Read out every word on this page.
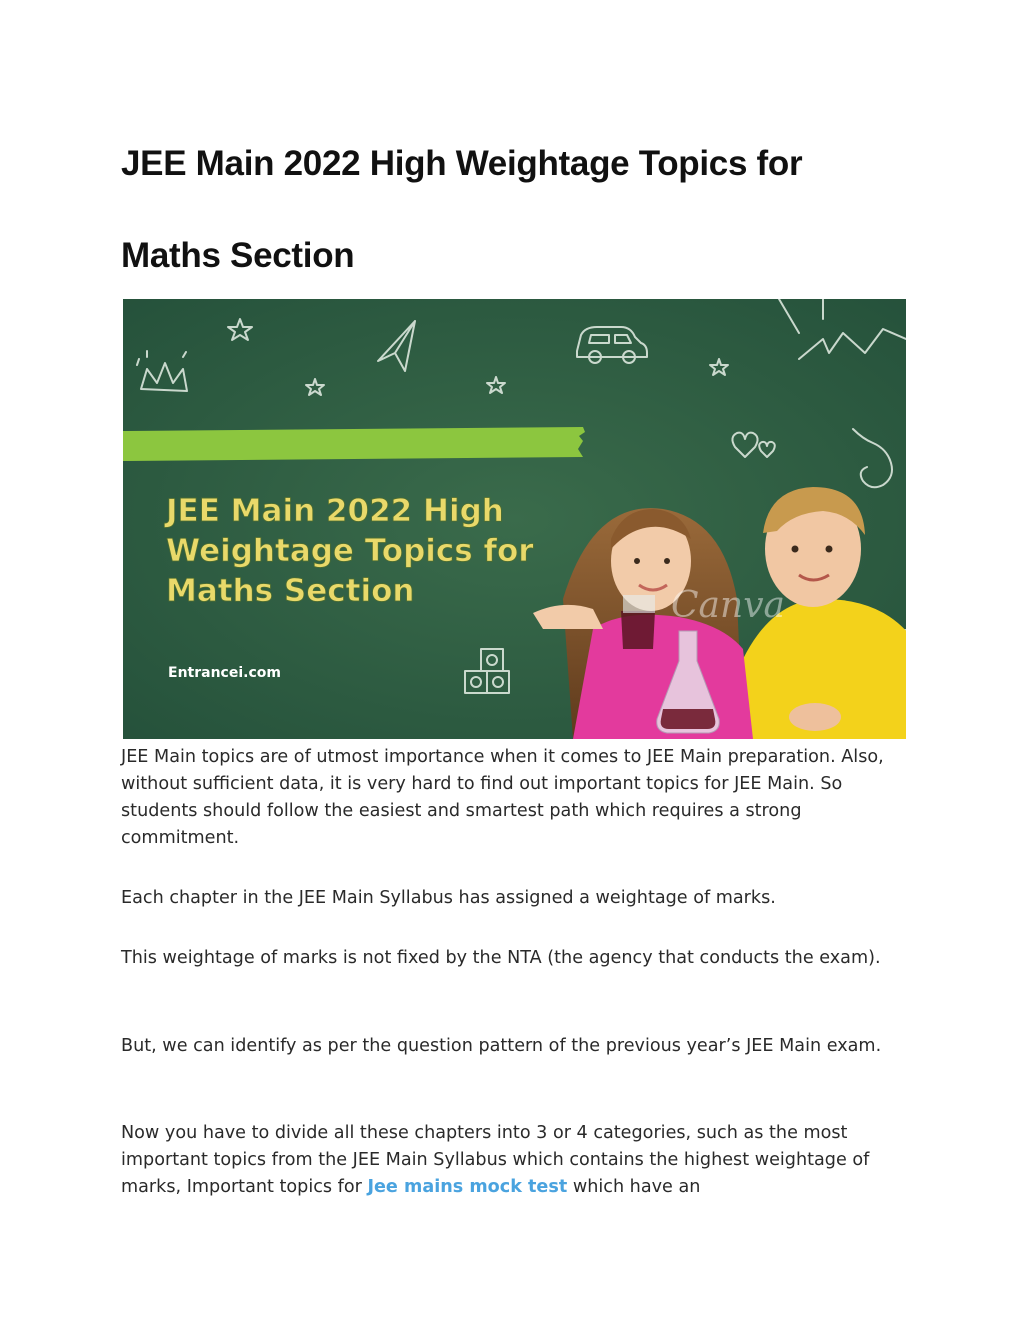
JEE Main 2022 High Weightage Topics for
Maths Section
JEE Main 2022 High
Weightage Topics for
Maths Section
Entrancei.com
Canva

JEE Main topics are of utmost importance when it comes to JEE Main preparation. Also, without sufficient data, it is very hard to find out important topics for JEE Main. So students should follow the easiest and smartest path which requires a strong commitment.

Each chapter in the JEE Main Syllabus has assigned a weightage of marks.

This weightage of marks is not fixed by the NTA (the agency that conducts the exam).

But, we can identify as per the question pattern of the previous year’s JEE Main exam.

Now you have to divide all these chapters into 3 or 4 categories, such as the most important topics from the JEE Main Syllabus which contains the highest weightage of marks, Important topics for Jee mains mock test which have an
